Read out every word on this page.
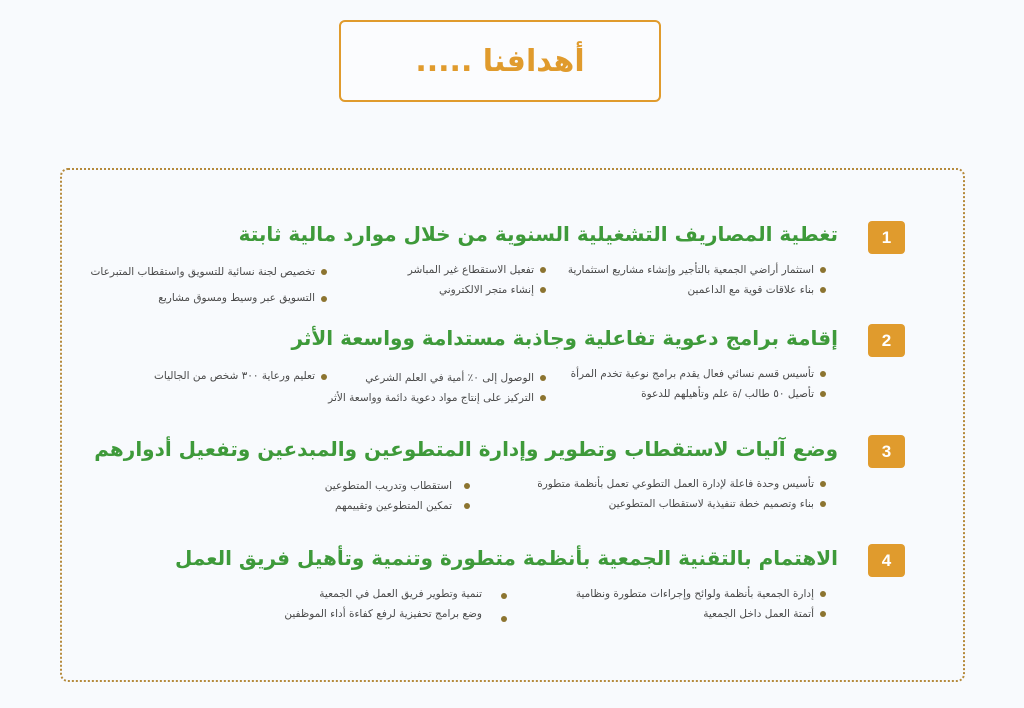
أهدافنا .....
1
تغطية المصاريف التشغيلية السنوية من خلال موارد مالية ثابتة
استثمار أراضي الجمعية بالتأجير وإنشاء مشاريع استثمارية
بناء علاقات قوية مع الداعمين
تفعيل الاستقطاع غير المباشر
إنشاء متجر الالكتروني
تخصيص لجنة نسائية للتسويق واستقطاب المتبرعات
التسويق عبر وسيط ومسوق مشاريع
2
إقامة برامج دعوية تفاعلية وجاذبة مستدامة وواسعة الأثر
تأسيس قسم نسائي فعال يقدم برامج نوعية تخدم المرأة
تأصيل ٥٠ طالب /ة علم وتأهيلهم للدعوة
الوصول إلى ٠٪ أمية في العلم الشرعي
التركيز على إنتاج مواد دعوية دائمة وواسعة الأثر
تعليم ورعاية ٣٠٠ شخص من الجاليات
3
وضع آليات لاستقطاب وتطوير وإدارة المتطوعين والمبدعين وتفعيل أدوارهم
تأسيس وحدة فاعلة لإدارة العمل التطوعي تعمل بأنظمة متطورة
بناء وتصميم خطة تنفيذية لاستقطاب المتطوعين
استقطاب وتدريب المتطوعين
تمكين المتطوعين وتقييمهم
4
الاهتمام بالتقنية الجمعية بأنظمة متطورة وتنمية وتأهيل فريق العمل
إدارة الجمعية بأنظمة ولوائح وإجراءات متطورة ونظامية
أتمتة العمل داخل الجمعية
تنمية وتطوير فريق العمل في الجمعية
وضع برامج تحفيزية لرفع كفاءة أداء الموظفين
